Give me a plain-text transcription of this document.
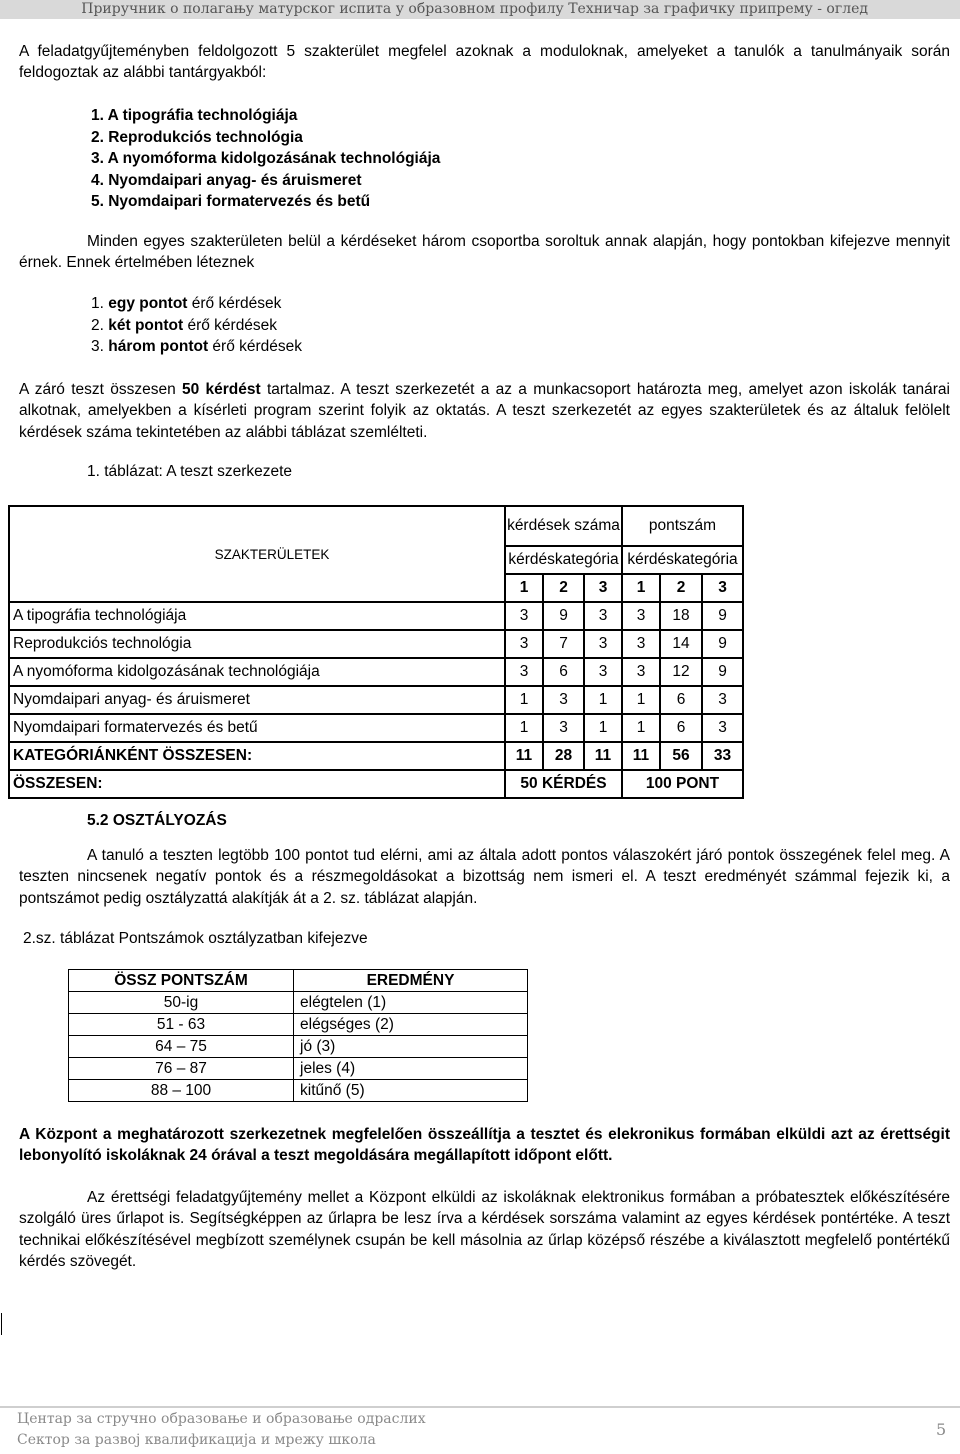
Приручник о полагању матурског испита у образовном профилу Техничар за графичку припрему - оглед
A feladatgyűjteményben feldolgozott 5 szakterület megfelel azoknak a moduloknak, amelyeket a tanulók a tanulmányaik során feldogoztak az alábbi tantárgyakból:
1. A tipográfia technológiája
2. Reprodukciós technológia
3. A nyomóforma kidolgozásának technológiája
4. Nyomdaipari anyag- és áruismeret
5. Nyomdaipari formatervezés és betű
Minden egyes szakterületen belül a kérdéseket három csoportba soroltuk annak alapján, hogy pontokban kifejezve mennyit érnek. Ennek értelmében léteznek
1. egy pontot érő kérdések
2. két pontot érő kérdések
3. három pontot érő kérdések
A záró teszt összesen 50 kérdést tartalmaz. A teszt szerkezetét a az a munkacsoport határozta meg, amelyet azon iskolák tanárai alkotnak, amelyekben a kísérleti program szerint folyik az oktatás. A teszt szerkezetét az egyes szakterületek és az általuk felölelt kérdések száma tekintetében az alábbi táblázat szemlélteti.
1. táblázat: A teszt szerkezete
SZAKTERÜLETEK	kérdések száma			pontszám		
	kérdéskategória			kérdéskategória		
	1	2	3	1	2	3
A tipográfia technológiája	3	9	3	3	18	9
Reprodukciós technológia	3	7	3	3	14	9
A nyomóforma kidolgozásának technológiája	3	6	3	3	12	9
Nyomdaipari anyag- és áruismeret	1	3	1	1	6	3
Nyomdaipari formatervezés és betű	1	3	1	1	6	3
KATEGÓRIÁNKÉNT ÖSSZESEN:	11	28	11	11	56	33
ÖSSZESEN:	50 KÉRDÉS			100 PONT		
5.2 OSZTÁLYOZÁS
A tanuló a teszten legtöbb 100 pontot tud elérni, ami az általa adott pontos válaszokért járó pontok összegének felel meg. A teszten nincsenek negatív pontok és a részmegoldásokat a bizottság nem ismeri el. A teszt eredményét számmal fejezik ki, a pontszámot pedig osztályzattá alakítják át a 2. sz. táblázat alapján.
2.sz. táblázat Pontszámok osztályzatban kifejezve
ÖSSZ PONTSZÁM	EREDMÉNY
50-ig	elégtelen (1)
51 - 63	elégséges (2)
64 – 75	jó (3)
76 – 87	jeles (4)
88 – 100	kitűnő (5)
A Központ a meghatározott szerkezetnek megfelelően összeállítja a tesztet és elekronikus formában elküldi azt az érettségit lebonyolító iskoláknak 24 órával a teszt megoldására megállapított időpont előtt.
Az érettségi feladatgyűjtemény mellet a Központ elküldi az iskoláknak elektronikus formában a próbatesztek előkészítésére szolgáló üres űrlapot is. Segítségképpen az űrlapra be lesz írva a kérdések sorszáma valamint az egyes kérdések pontértéke. A teszt technikai előkészítésével megbízott személynek csupán be kell másolnia az űrlap középső részébe a kiválasztott megfelelő pontértékű kérdés szövegét.
Центар за стручно образовање и образовање одраслих
Сектор за развој квалификација и мрежу школа
5
